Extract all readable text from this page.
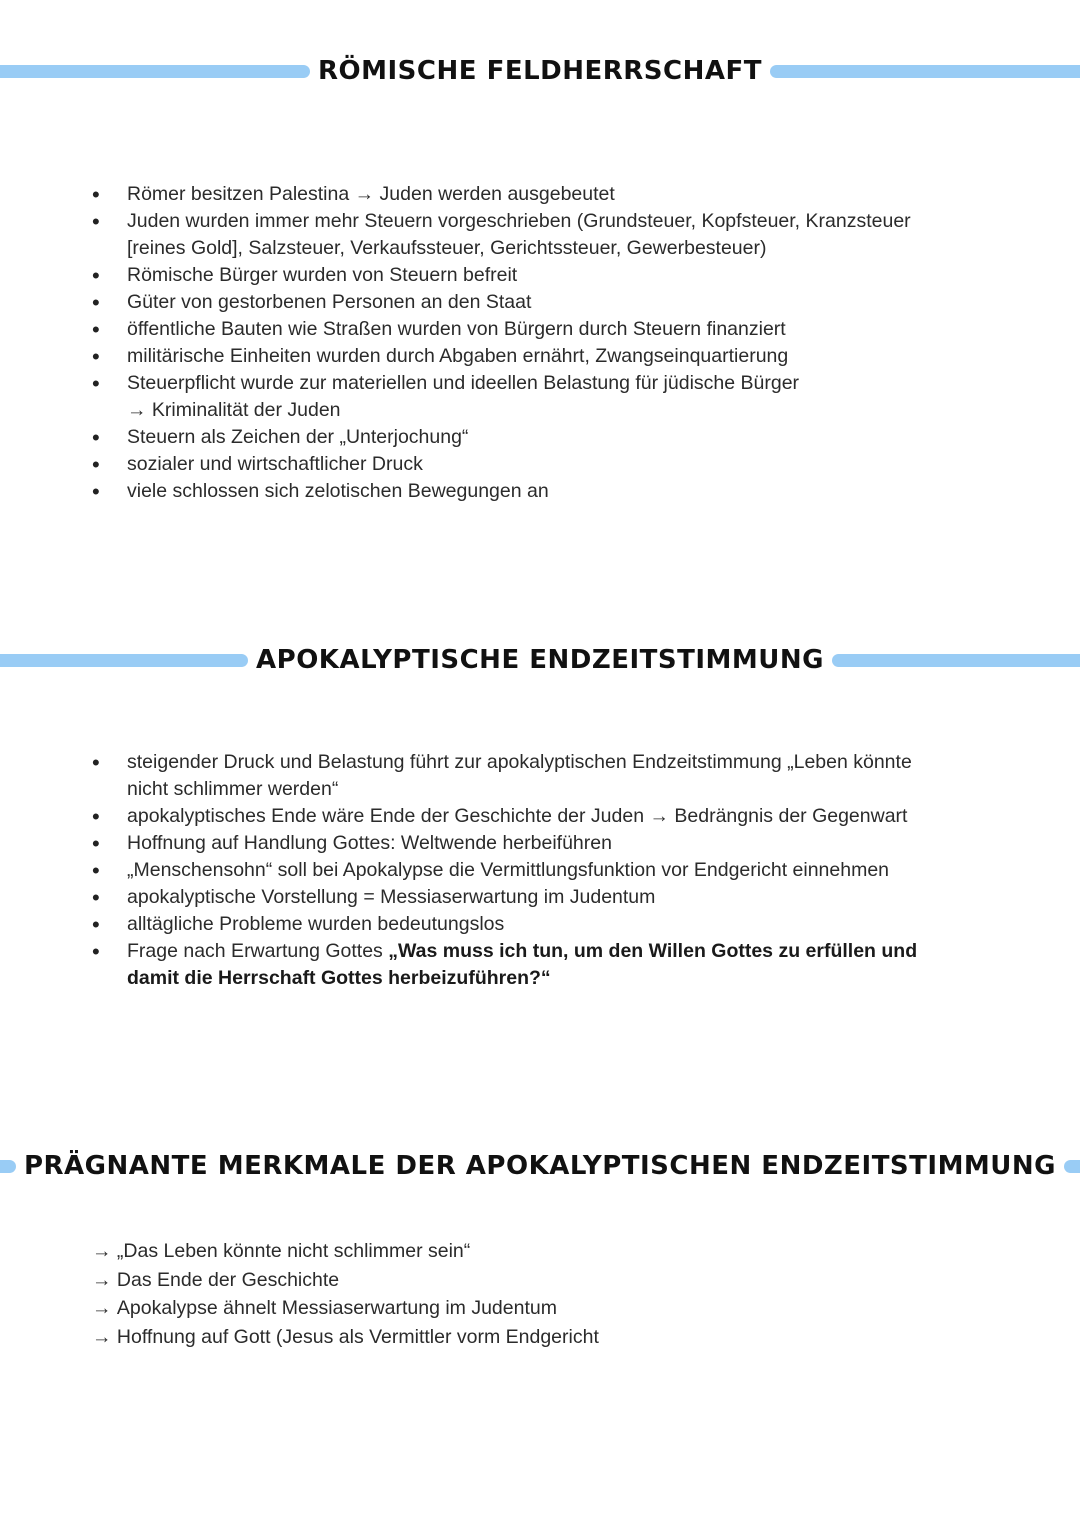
RÖMISCHE FELDHERRSCHAFT
• Römer besitzen Palestina → Juden werden ausgebeutet
• Juden wurden immer mehr Steuern vorgeschrieben (Grundsteuer, Kopfsteuer, Kranzsteuer [reines Gold], Salzsteuer, Verkaufssteuer, Gerichtssteuer, Gewerbesteuer)
• Römische Bürger wurden von Steuern befreit
• Güter von gestorbenen Personen an den Staat
• öffentliche Bauten wie Straßen wurden von Bürgern durch Steuern finanziert
• militärische Einheiten wurden durch Abgaben ernährt, Zwangseinquartierung
• Steuerpflicht wurde zur materiellen und ideellen Belastung für jüdische Bürger
→ Kriminalität der Juden
• Steuern als Zeichen der „Unterjochung“
• sozialer und wirtschaftlicher Druck
• viele schlossen sich zelotischen Bewegungen an
APOKALYPTISCHE ENDZEITSTIMMUNG
• steigender Druck und Belastung führt zur apokalyptischen Endzeitstimmung „Leben könnte nicht schlimmer werden“
• apokalyptisches Ende wäre Ende der Geschichte der Juden → Bedrängnis der Gegenwart
• Hoffnung auf Handlung Gottes: Weltwende herbeiführen
• „Menschensohn“ soll bei Apokalypse die Vermittlungsfunktion vor Endgericht einnehmen
• apokalyptische Vorstellung = Messiaserwartung im Judentum
• alltägliche Probleme wurden bedeutungslos
• Frage nach Erwartung Gottes „Was muss ich tun, um den Willen Gottes zu erfüllen und damit die Herrschaft Gottes herbeizuführen?“
PRÄGNANTE MERKMALE DER APOKALYPTISCHEN ENDZEITSTIMMUNG
→ „Das Leben könnte nicht schlimmer sein“
→ Das Ende der Geschichte
→ Apokalypse ähnelt Messiaserwartung im Judentum
→ Hoffnung auf Gott (Jesus als Vermittler vorm Endgericht
